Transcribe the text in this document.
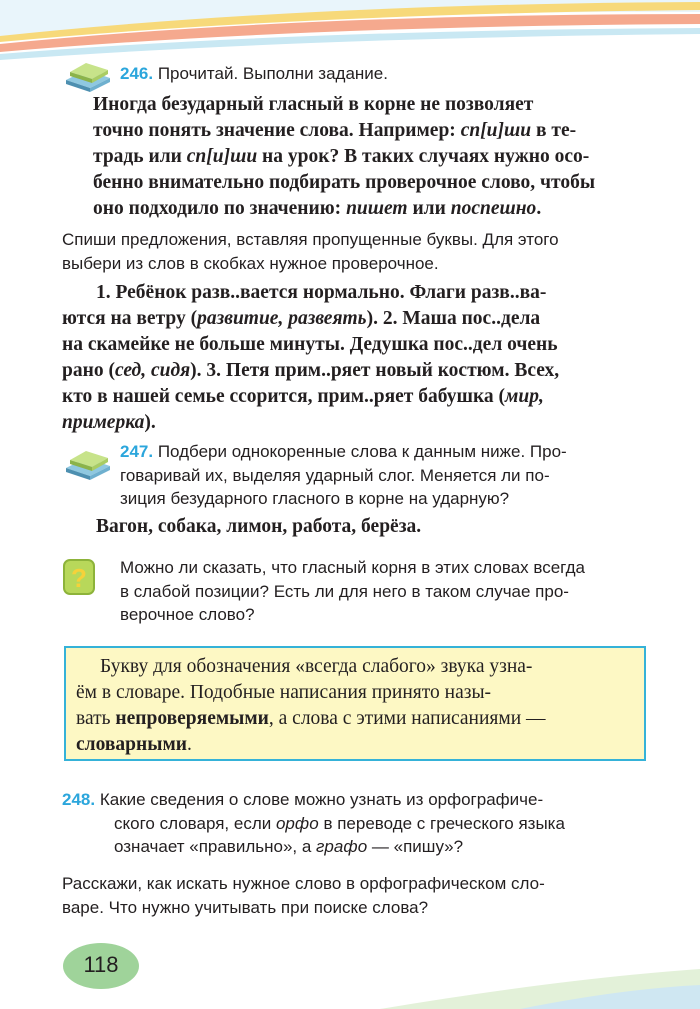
246. Прочитай. Выполни задание.
Иногда безударный гласный в корне не позволяет
точно понять значение слова. Например: сп[и]ши в те-
традь или сп[и]ши на урок? В таких случаях нужно осо-
бенно внимательно подбирать проверочное слово, чтобы
оно подходило по значению: пишет или поспешно.
Спиши предложения, вставляя пропущенные буквы. Для этого
выбери из слов в скобках нужное проверочное.
1. Ребёнок разв..вается нормально. Флаги разв..ва-
ются на ветру (развитие, развеять). 2. Маша пос..дела
на скамейке не больше минуты. Дедушка пос..дел очень
рано (сед, сидя). 3. Петя прим..ряет новый костюм. Всех,
кто в нашей семье ссорится, прим..ряет бабушка (мир,
примерка).
247. Подбери однокоренные слова к данным ниже. Про-
говаривай их, выделяя ударный слог. Меняется ли по-
зиция безударного гласного в корне на ударную?
Вагон, собака, лимон, работа, берёза.
? Можно ли сказать, что гласный корня в этих словах всегда
в слабой позиции? Есть ли для него в таком случае про-
верочное слово?
Букву для обозначения «всегда слабого» звука узна-
ём в словаре. Подобные написания принято назы-
вать непроверяемыми, а слова с этими написаниями —
словарными.
248. Какие сведения о слове можно узнать из орфографиче-
ского словаря, если орфо в переводе с греческого языка
означает «правильно», а графо — «пишу»?
Расскажи, как искать нужное слово в орфографическом сло-
варе. Что нужно учитывать при поиске слова?
118
